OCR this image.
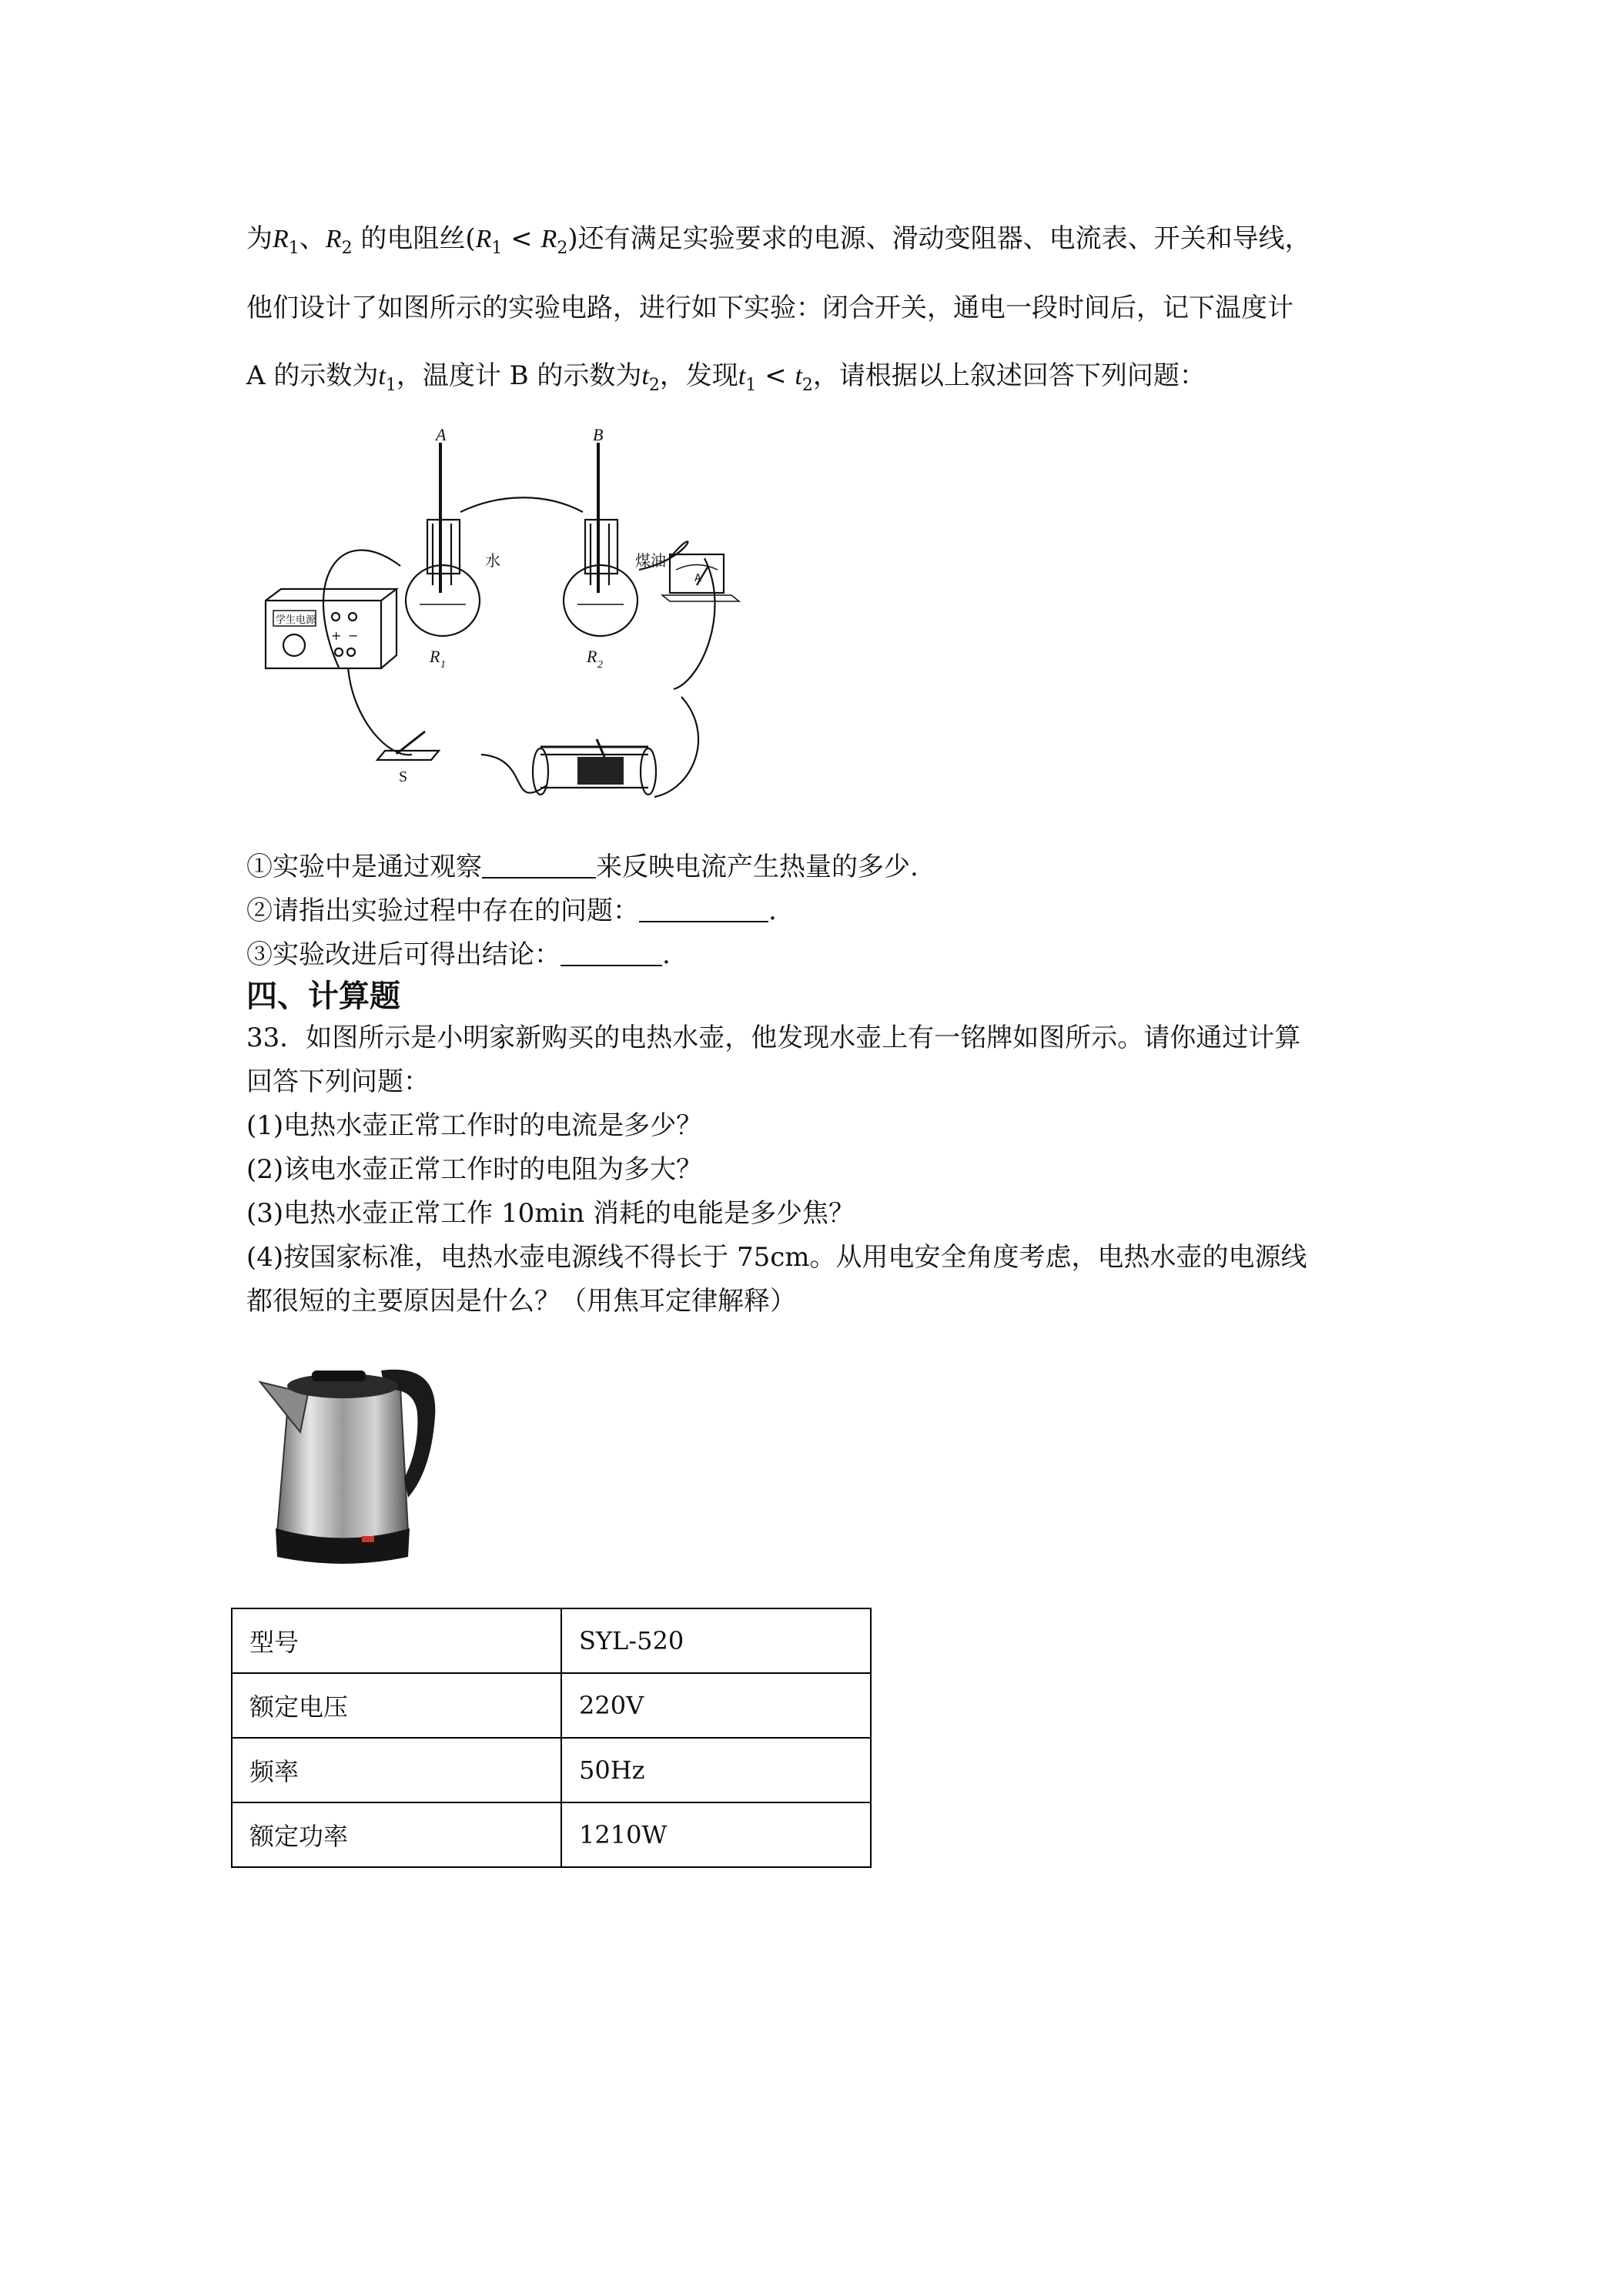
为$R_1$、$R_2$ 的电阻丝$(R_1 < R_2)$还有满足实验要求的电源、滑动变阻器、电流表、开关和导线，
他们设计了如图所示的实验电路，进行如下实验：闭合开关，通电一段时间后，记下温度计
A 的示数为$t_1$，温度计 B 的示数为$t_2$，发现$t_1 < t_2$，请根据以上叙述回答下列问题：
A	B
R 1	R 2
水	煤油
学生电源
+ −
A
S
①实验中是通过观察	来反映电流产生热量的多少.
②请指出实验过程中存在的问题：	.
③实验改进后可得出结论：	.
四、计算题
33．如图所示是小明家新购买的电热水壶，他发现水壶上有一铭牌如图所示。请你通过计算
回答下列问题：
(1)电热水壶正常工作时的电流是多少？
(2)该电水壶正常工作时的电阻为多大？
(3)电热水壶正常工作 10min 消耗的电能是多少焦？
(4)按国家标准，电热水壶电源线不得长于 75cm。从用电安全角度考虑，电热水壶的电源线
都很短的主要原因是什么？（用焦耳定律解释）
型号	SYL-520
额定电压	220V
频率	50Hz
额定功率	1210W
